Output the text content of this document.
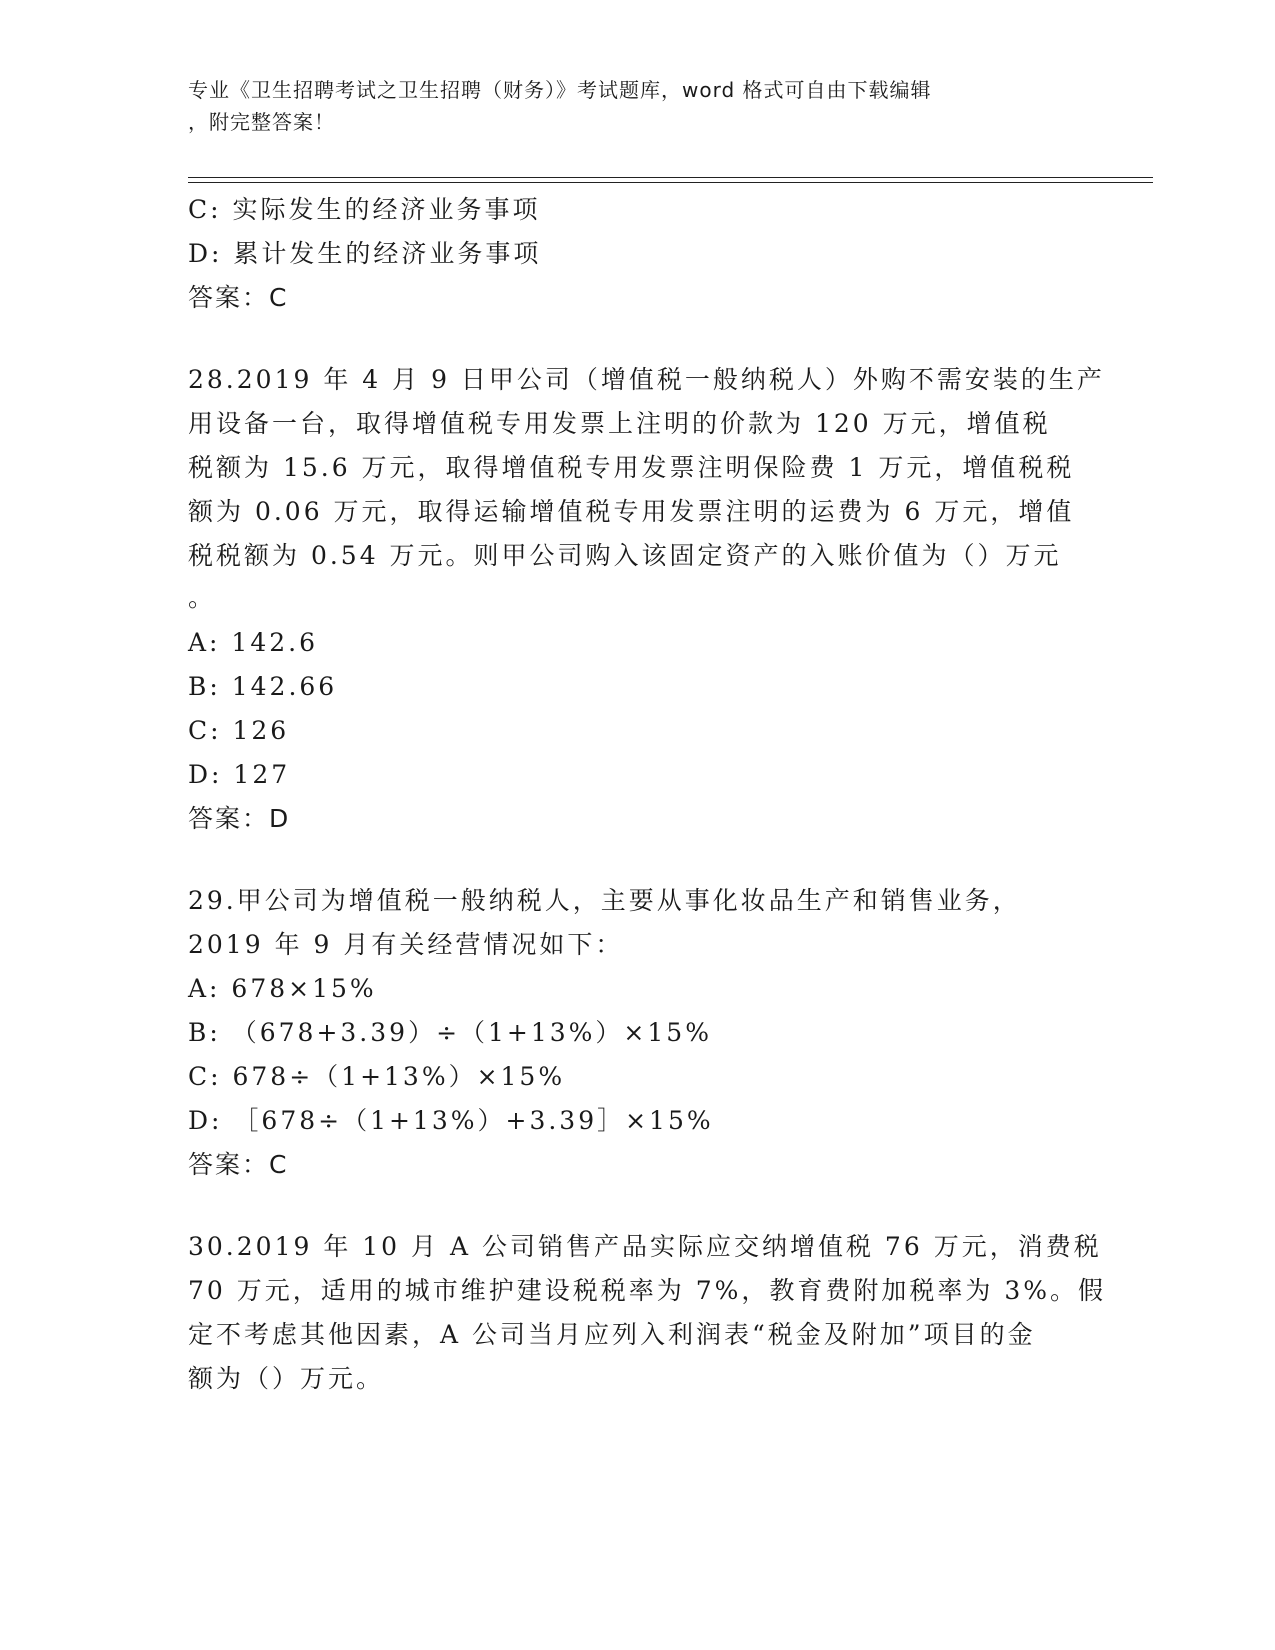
专业《卫生招聘考试之卫生招聘（财务）》考试题库，word 格式可自由下载编辑
，附完整答案！
C: 实际发生的经济业务事项
D: 累计发生的经济业务事项
答案：C
28.2019 年 4 月 9 日甲公司（增值税一般纳税人）外购不需安装的生产
用设备一台，取得增值税专用发票上注明的价款为 120 万元，增值税
税额为 15.6 万元，取得增值税专用发票注明保险费 1 万元，增值税税
额为 0.06 万元，取得运输增值税专用发票注明的运费为 6 万元，增值
税税额为 0.54 万元。则甲公司购入该固定资产的入账价值为（）万元
。
A: 142.6
B: 142.66
C: 126
D: 127
答案：D
29.甲公司为增值税一般纳税人，主要从事化妆品生产和销售业务，
2019 年 9 月有关经营情况如下：
A: 678×15%
B: （678+3.39）÷（1+13%）×15%
C: 678÷（1+13%）×15%
D: ［678÷（1+13%）+3.39］×15%
答案：C
30.2019 年 10 月 A 公司销售产品实际应交纳增值税 76 万元，消费税
70 万元，适用的城市维护建设税税率为 7%，教育费附加税率为 3%。假
定不考虑其他因素，A 公司当月应列入利润表“税金及附加”项目的金
额为（）万元。
